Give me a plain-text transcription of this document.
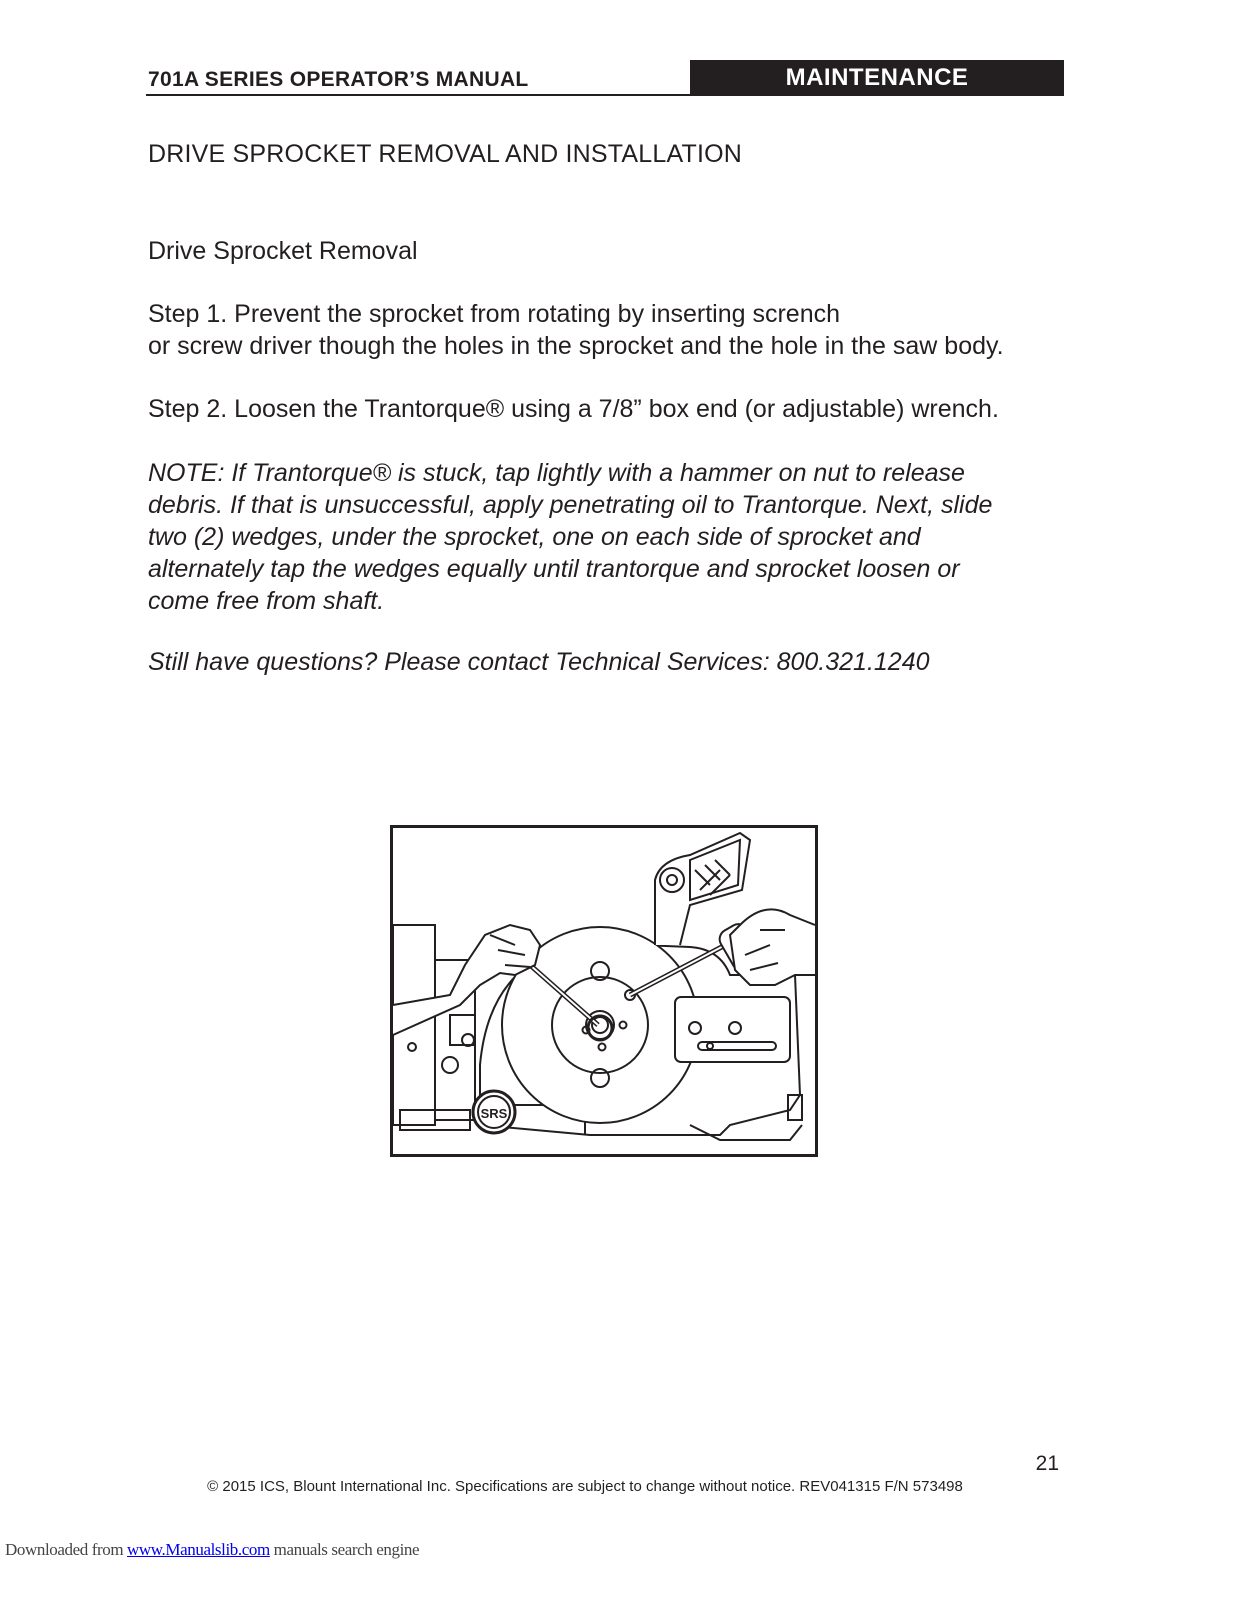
701A SERIES OPERATOR’S MANUAL	MAINTENANCE
DRIVE SPROCKET REMOVAL AND INSTALLATION

Drive Sprocket Removal

Step 1. Prevent the sprocket from rotating by inserting scrench
or screw driver though the holes in the sprocket and the hole in the saw body.

Step 2. Loosen the Trantorque® using a 7/8” box end (or adjustable) wrench.

NOTE: If Trantorque® is stuck, tap lightly with a hammer on nut to release
debris. If that is unsuccessful, apply penetrating oil to Trantorque. Next, slide
two (2) wedges, under the sprocket, one on each side of sprocket and
alternately tap the wedges equally until trantorque and sprocket loosen or
come free from shaft.

Still have questions? Please contact Technical Services: 800.321.1240

SRS
21
© 2015 ICS, Blount International Inc. Specifications are subject to change without notice. REV041315 F/N 573498
Downloaded from www.Manualslib.com manuals search engine
